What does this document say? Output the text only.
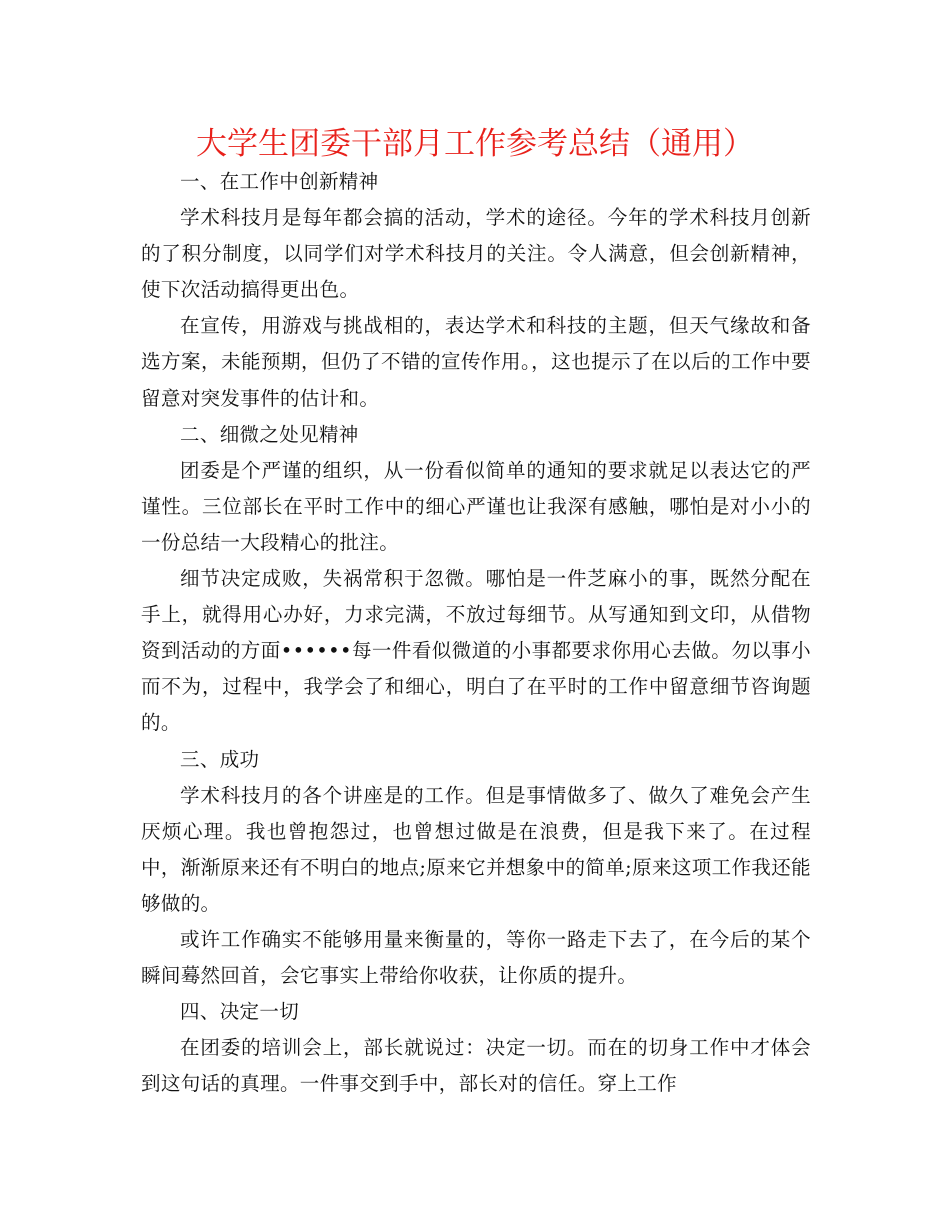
大学生团委干部月工作参考总结（通用）

一、在工作中创新精神

学术科技月是每年都会搞的活动，学术的途径。今年的学术科技月创新的了积分制度，以同学们对学术科技月的关注。令人满意，但会创新精神，使下次活动搞得更出色。

在宣传，用游戏与挑战相的，表达学术和科技的主题，但天气缘故和备选方案，未能预期，但仍了不错的宣传作用。，这也提示了在以后的工作中要留意对突发事件的估计和。

二、细微之处见精神

团委是个严谨的组织，从一份看似简单的通知的要求就足以表达它的严谨性。三位部长在平时工作中的细心严谨也让我深有感触，哪怕是对小小的一份总结一大段精心的批注。

细节决定成败，失祸常积于忽微。哪怕是一件芝麻小的事，既然分配在手上，就得用心办好，力求完满，不放过每细节。从写通知到文印，从借物资到活动的方面••••••每一件看似微道的小事都要求你用心去做。勿以事小而不为，过程中，我学会了和细心，明白了在平时的工作中留意细节咨询题的。

三、成功

学术科技月的各个讲座是的工作。但是事情做多了、做久了难免会产生厌烦心理。我也曾抱怨过，也曾想过做是在浪费，但是我下来了。在过程中，渐渐原来还有不明白的地点;原来它并想象中的简单;原来这项工作我还能够做的。

或许工作确实不能够用量来衡量的，等你一路走下去了，在今后的某个瞬间蓦然回首，会它事实上带给你收获，让你质的提升。

四、决定一切

在团委的培训会上，部长就说过：决定一切。而在的切身工作中才体会到这句话的真理。一件事交到手中，部长对的信任。穿上工作
